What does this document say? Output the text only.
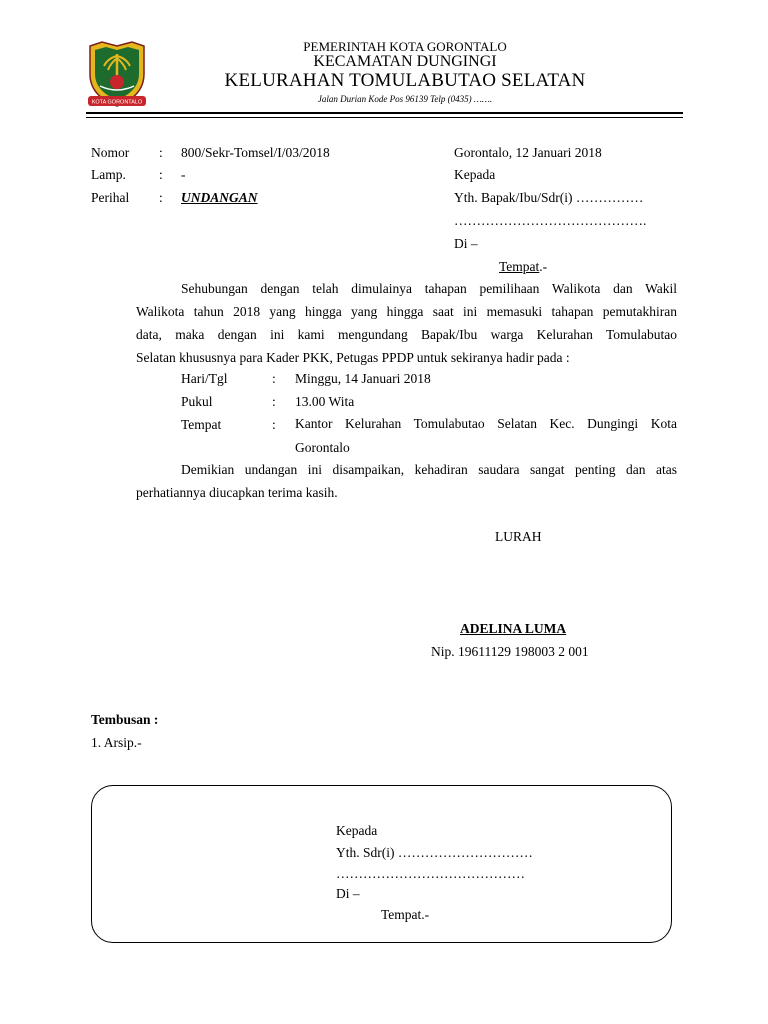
KOTA GORONTALO
PEMERINTAH KOTA GORONTALO
KECAMATAN DUNGINGI
KELURAHAN TOMULABUTAO SELATAN
Jalan Durian Kode Pos 96139 Telp (0435) …….
Nomor : 800/Sekr-Tomsel/I/03/2018
Lamp. : -
Perihal : UNDANGAN
Gorontalo, 12 Januari 2018
Kepada
Yth. Bapak/Ibu/Sdr(i) ……………
…………………………………….
Di –
Tempat.-
Sehubungan dengan telah dimulainya tahapan pemilihaan Walikota dan Wakil
Walikota tahun 2018 yang hingga yang hingga saat ini memasuki tahapan pemutakhiran
data, maka dengan ini kami mengundang Bapak/Ibu warga Kelurahan Tomulabutao
Selatan khususnya para Kader PKK, Petugas PPDP untuk sekiranya hadir pada :
Hari/Tgl	: Minggu, 14 Januari 2018
Pukul	: 13.00 Wita
Tempat	: Kantor Kelurahan Tomulabutao Selatan Kec. Dungingi Kota
Gorontalo
Demikian undangan ini disampaikan, kehadiran saudara sangat penting dan atas
perhatiannya diucapkan terima kasih.
LURAH
ADELINA LUMA
Nip. 19611129 198003 2 001
Tembusan :
1. Arsip.-
Kepada
Yth. Sdr(i) …………………………
……………………………………
Di –
Tempat.-
